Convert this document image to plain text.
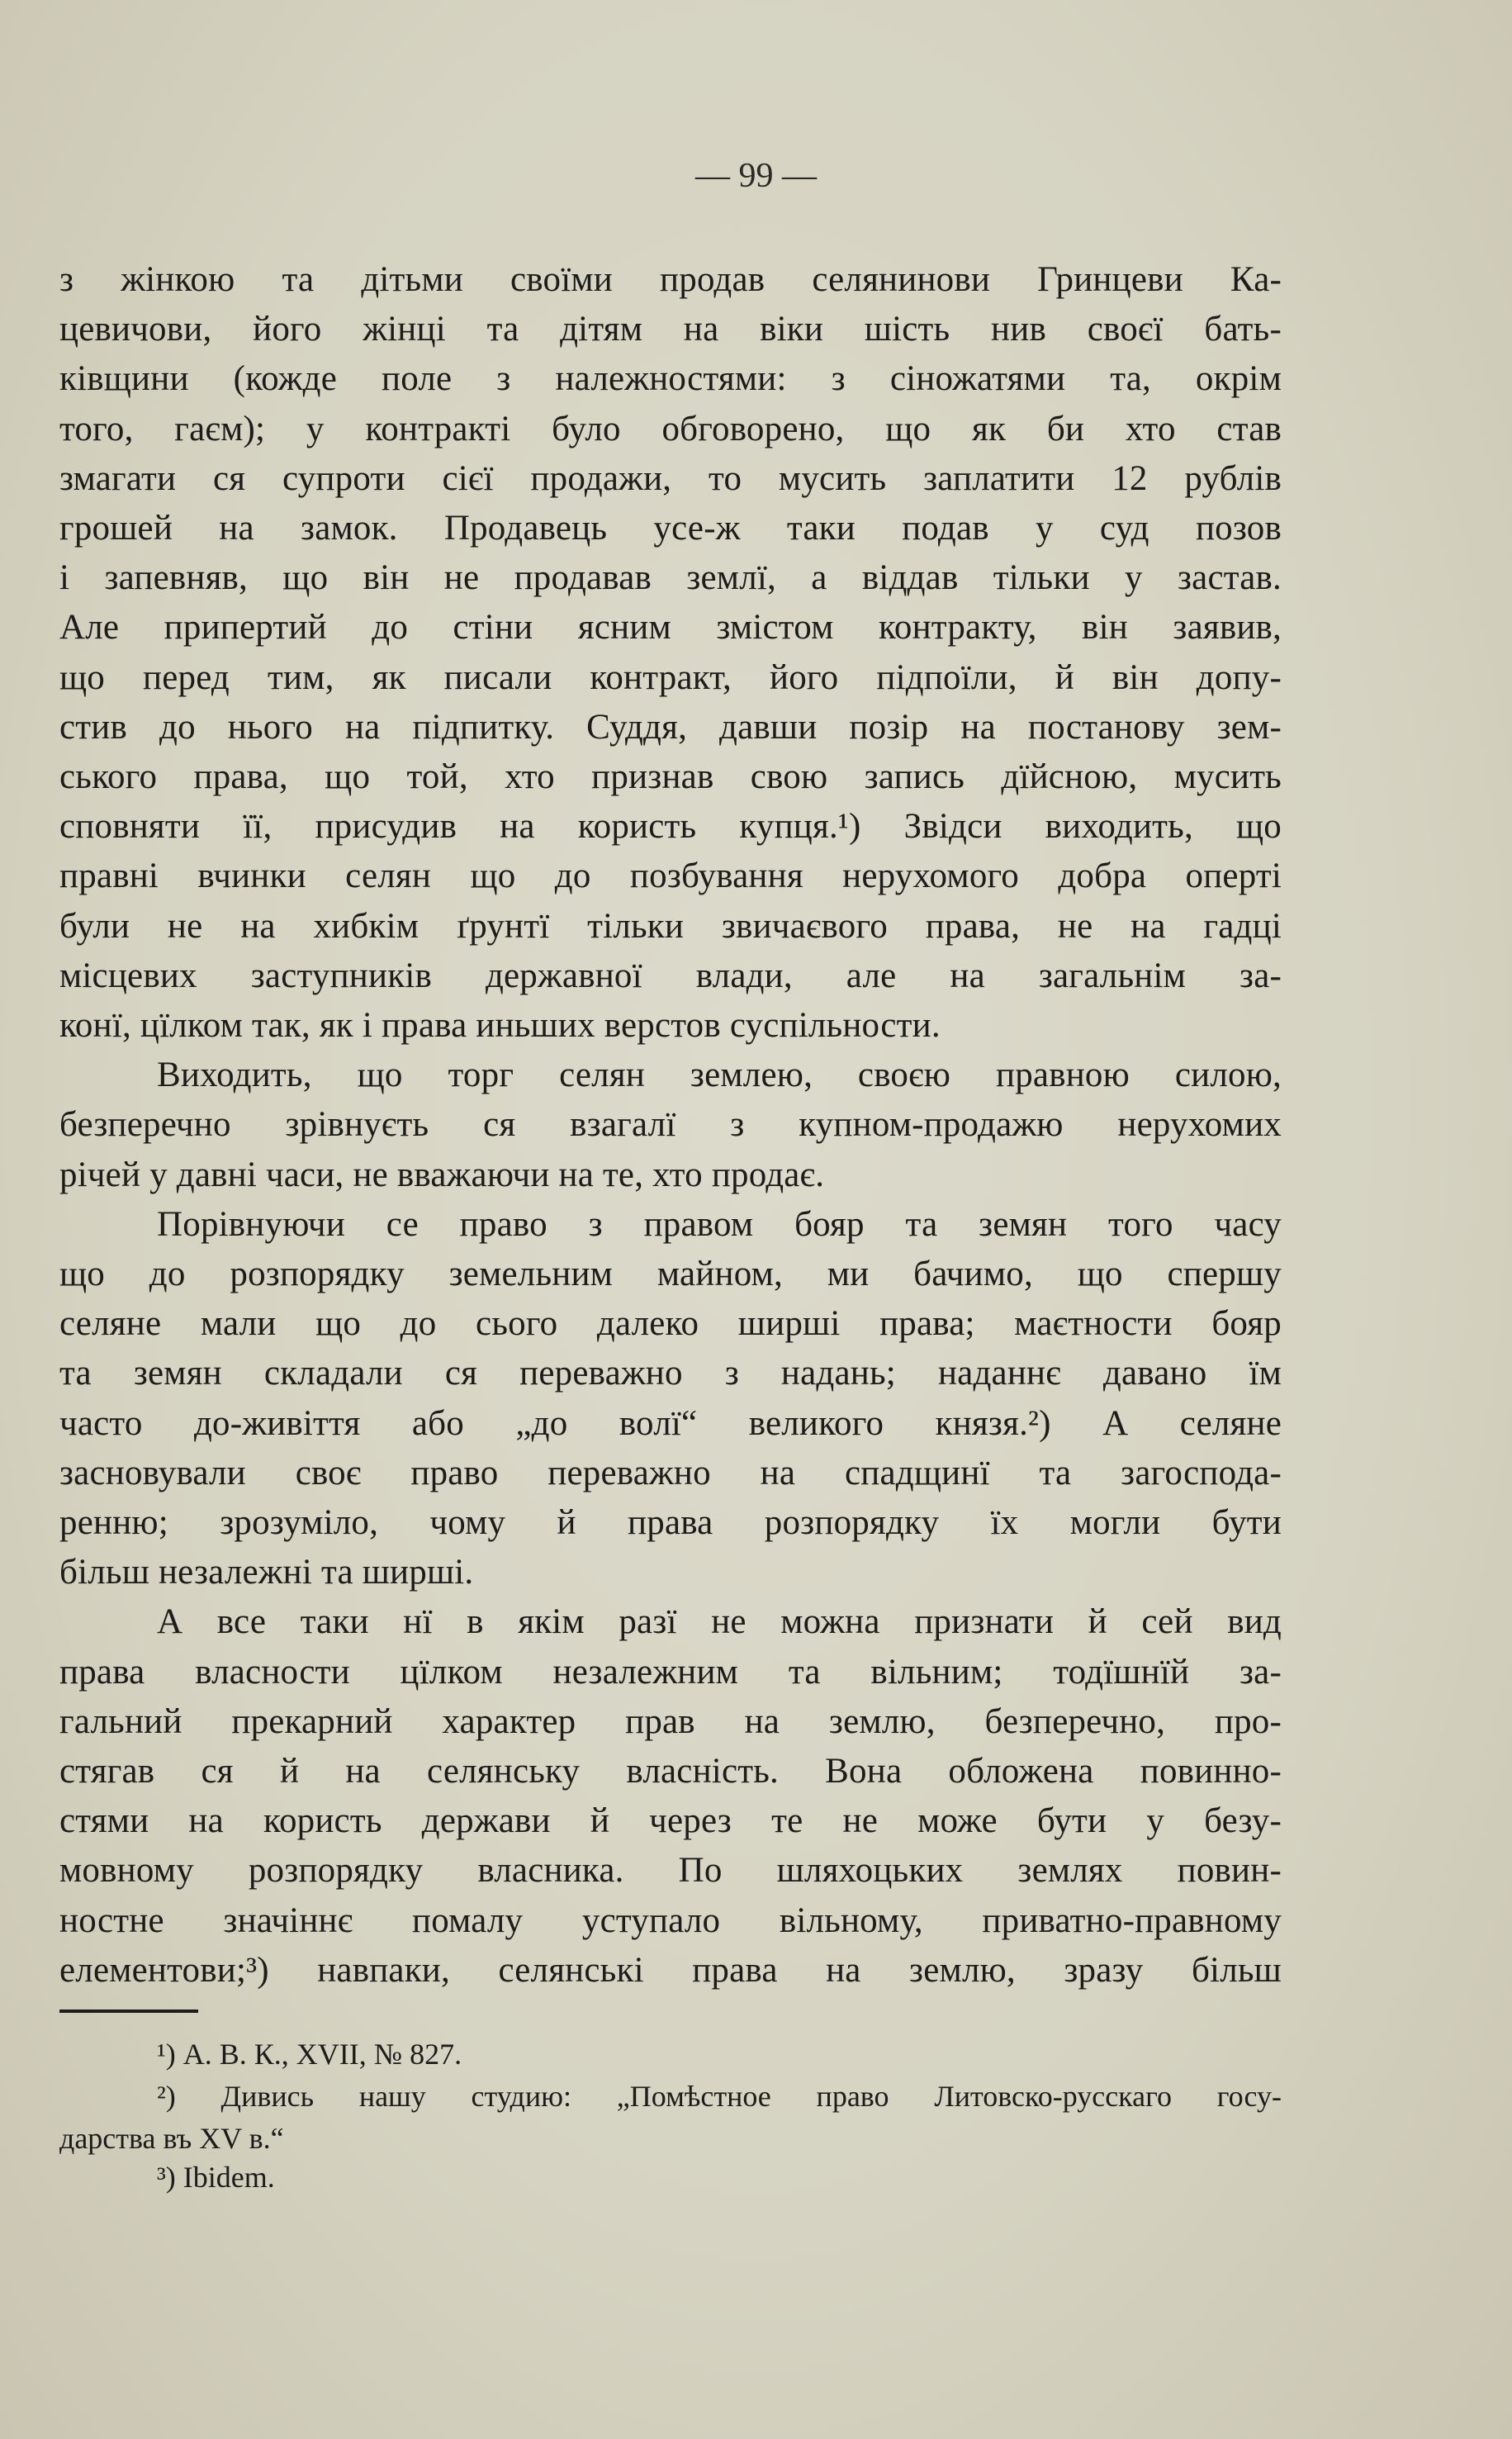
— 99 —
з жінкою та дітьми своїми продав селянинови Гринцеви Ка-
цевичови, його жінці та дітям на віки шість нив своєї бать-
ківщини (кожде поле з належностями: з сіножатями та, окрім
того, гаєм); у контракті було обговорено, що як би хто став
змагати ся супроти сієї продажи, то мусить заплатити 12 рублів
грошей на замок. Продавець усе-ж таки подав у суд позов
і запевняв, що він не продавав землї, а віддав тільки у застав.
Але припертий до стіни ясним змістом контракту, він заявив,
що перед тим, як писали контракт, його підпоїли, й він допу-
стив до нього на підпитку. Суддя, давши позір на постанову зем-
ського права, що той, хто признав свою запись дїйсною, мусить
сповняти її, присудив на користь купця.¹) Звідси виходить, що
правні вчинки селян що до позбування нерухомого добра оперті
були не на хибкім ґрунтї тільки звичаєвого права, не на гадці
місцевих заступників державної влади, але на загальнім за-
конї, цїлком так, як і права иньших верстов суспільности.
Виходить, що торг селян землею, своєю правною силою,
безперечно зрівнуєть ся взагалї з купном-продажю нерухомих
річей у давні часи, не вважаючи на те, хто продає.
Порівнуючи се право з правом бояр та земян того часу
що до розпорядку земельним майном, ми бачимо, що спершу
селяне мали що до сього далеко ширші права; маєтности бояр
та земян складали ся переважно з надань; наданнє давано їм
часто до-живіття або „до волї“ великого князя.²) А селяне
засновували своє право переважно на спадщинї та загоспода-
ренню; зрозуміло, чому й права розпорядку їх могли бути
більш незалежні та ширші.
А все таки нї в якім разї не можна признати й сей вид
права власности цїлком незалежним та вільним; тодїшнїй за-
гальний прекарний характер прав на землю, безперечно, про-
стягав ся й на селянську власність. Вона обложена повинно-
стями на користь держави й через те не може бути у безу-
мовному розпорядку власника. По шляхоцьких землях повин-
ностне значіннє помалу уступало вільному, приватно-правному
елементови;³) навпаки, селянські права на землю, зразу більш
¹) А. В. К., XVII, № 827.
²) Дивись нашу студию: „Помѣстное право Литовско-русскаго госу-
дарства въ XV в.“
³) Ibidem.
